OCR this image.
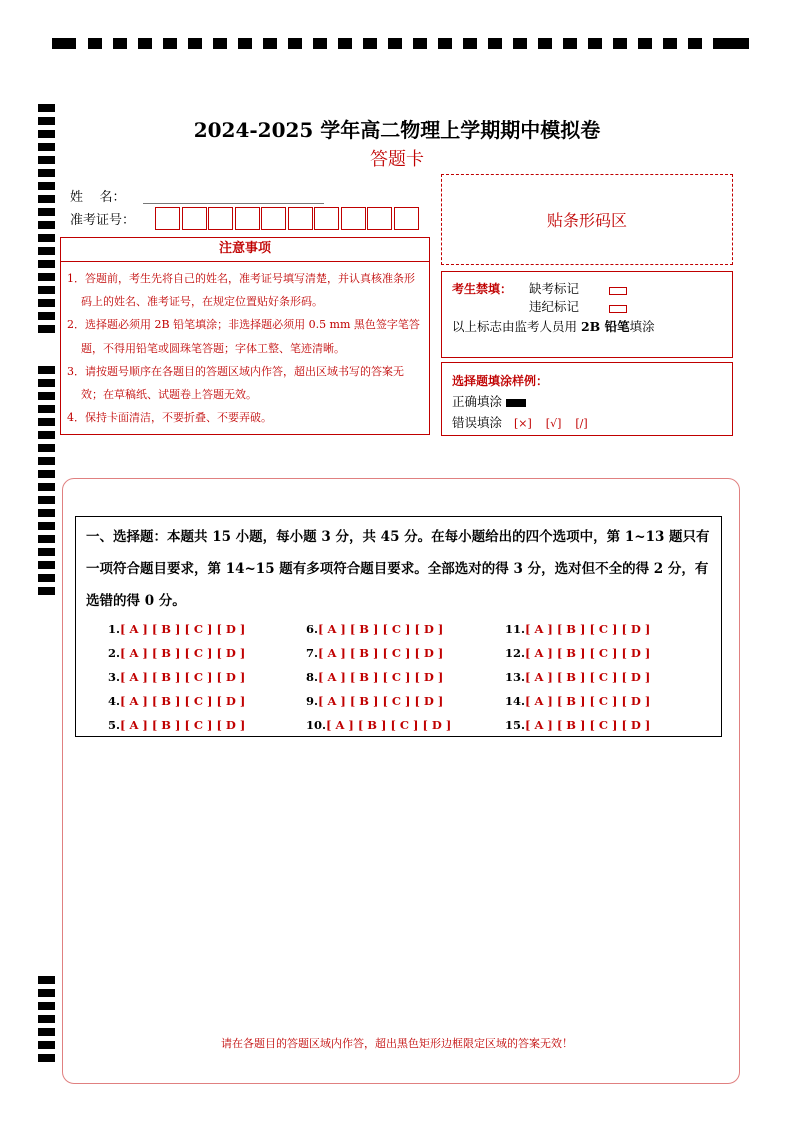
2024-2025 学年高二物理上学期期中模拟卷
答题卡
姓    名：
准考证号：
注意事项
1．答题前，考生先将自己的姓名，准考证号填写清楚，并认真核准条形码上的姓名、准考证号，在规定位置贴好条形码。
2．选择题必须用 2B 铅笔填涂；非选择题必须用 0.5 mm 黑色签字笔答题，不得用铅笔或圆珠笔答题；字体工整、笔迹清晰。
3．请按题号顺序在各题目的答题区域内作答，超出区域书写的答案无效；在草稿纸、试题卷上答题无效。
4．保持卡面清洁，不要折叠、不要弄破。
贴条形码区
考生禁填： 缺考标记
违纪标记
以上标志由监考人员用 2B 铅笔填涂
选择题填涂样例：
正确填涂
错误填涂 [×] [√] [/]
一、选择题：本题共 15 小题，每小题 3 分，共 45 分。在每小题给出的四个选项中，第 1~13 题只有一项符合题目要求，第 14~15 题有多项符合题目要求。全部选对的得 3 分，选对但不全的得 2 分，有选错的得 0 分。
1.[ A ] [ B ] [ C ] [ D ]
2.[ A ] [ B ] [ C ] [ D ]
3.[ A ] [ B ] [ C ] [ D ]
4.[ A ] [ B ] [ C ] [ D ]
5.[ A ] [ B ] [ C ] [ D ]
6.[ A ] [ B ] [ C ] [ D ]
7.[ A ] [ B ] [ C ] [ D ]
8.[ A ] [ B ] [ C ] [ D ]
9.[ A ] [ B ] [ C ] [ D ]
10.[ A ] [ B ] [ C ] [ D ]
11.[ A ] [ B ] [ C ] [ D ]
12.[ A ] [ B ] [ C ] [ D ]
13.[ A ] [ B ] [ C ] [ D ]
14.[ A ] [ B ] [ C ] [ D ]
15.[ A ] [ B ] [ C ] [ D ]
请在各题目的答题区域内作答，超出黑色矩形边框限定区域的答案无效！
